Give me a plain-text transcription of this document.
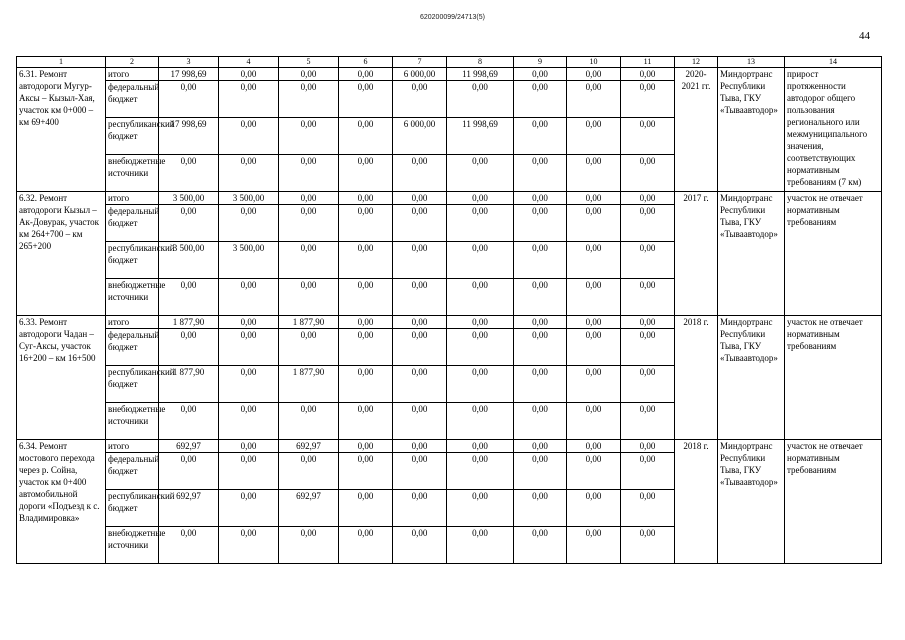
620200099/24713(5)
44
1	2	3	4	5	6	7	8	9	10	11	12	13	14
6.31. Ремонт автодороги Мугур-Аксы – Кызыл-Хая, участок км 0+000 – км 69+400	итого	17 998,69	0,00	0,00	0,00	6 000,00	11 998,69	0,00	0,00	0,00	2020-2021 гг.	Миндортранс Республики Тыва, ГКУ «Тываавтодор»	прирост протяженности автодорог общего пользования регионального или межмуниципального значения, соответствующих нормативным требованиям (7 км)
	федеральный бюджет	0,00	0,00	0,00	0,00	0,00	0,00	0,00	0,00	0,00			
	республиканский бюджет	17 998,69	0,00	0,00	0,00	6 000,00	11 998,69	0,00	0,00	0,00			
	внебюджетные источники	0,00	0,00	0,00	0,00	0,00	0,00	0,00	0,00	0,00			
6.32. Ремонт автодороги Кызыл – Ак-Довурак, участок км 264+700 – км 265+200	итого	3 500,00	3 500,00	0,00	0,00	0,00	0,00	0,00	0,00	0,00	2017 г.	Миндортранс Республики Тыва, ГКУ «Тываавтодор»	участок не отвечает нормативным требованиям
	федеральный бюджет	0,00	0,00	0,00	0,00	0,00	0,00	0,00	0,00	0,00			
	республиканский бюджет	3 500,00	3 500,00	0,00	0,00	0,00	0,00	0,00	0,00	0,00			
	внебюджетные источники	0,00	0,00	0,00	0,00	0,00	0,00	0,00	0,00	0,00			
6.33. Ремонт автодороги Чадан – Суг-Аксы, участок 16+200 – км 16+500	итого	1 877,90	0,00	1 877,90	0,00	0,00	0,00	0,00	0,00	0,00	2018 г.	Миндортранс Республики Тыва, ГКУ «Тываавтодор»	участок не отвечает нормативным требованиям
	федеральный бюджет	0,00	0,00	0,00	0,00	0,00	0,00	0,00	0,00	0,00			
	республиканский бюджет	1 877,90	0,00	1 877,90	0,00	0,00	0,00	0,00	0,00	0,00			
	внебюджетные источники	0,00	0,00	0,00	0,00	0,00	0,00	0,00	0,00	0,00			
6.34. Ремонт мостового перехода через р. Сойна, участок км 0+400 автомобильной дороги «Подъезд к с. Владимировка»	итого	692,97	0,00	692,97	0,00	0,00	0,00	0,00	0,00	0,00	2018 г.	Миндортранс Республики Тыва, ГКУ «Тываавтодор»	участок не отвечает нормативным требованиям
	федеральный бюджет	0,00	0,00	0,00	0,00	0,00	0,00	0,00	0,00	0,00			
	республиканский бюджет	692,97	0,00	692,97	0,00	0,00	0,00	0,00	0,00	0,00			
	внебюджетные источники	0,00	0,00	0,00	0,00	0,00	0,00	0,00	0,00	0,00			
